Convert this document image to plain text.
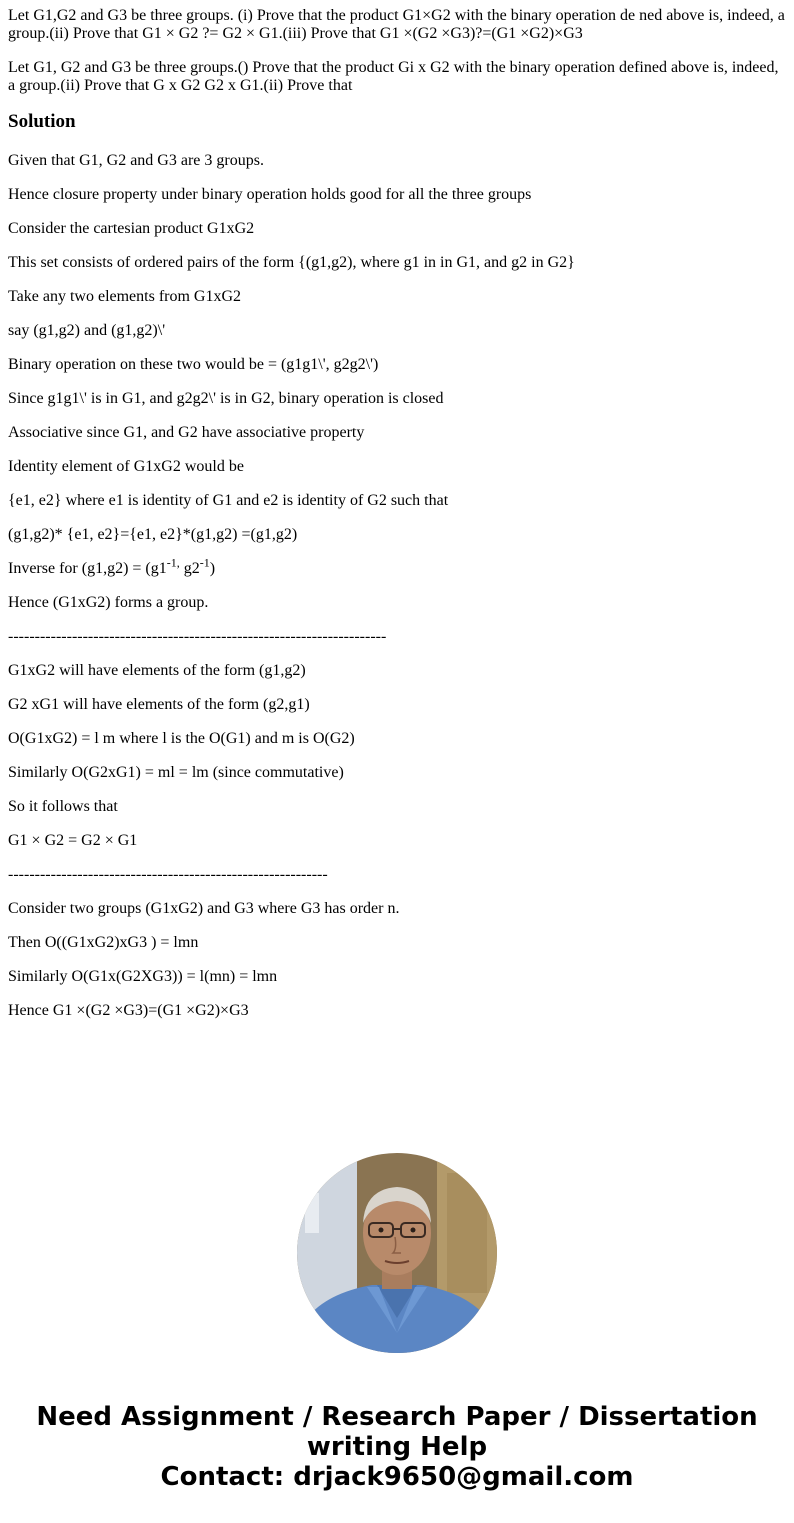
Let G1,G2 and G3 be three groups. (i) Prove that the product G1×G2 with the binary operation de ned above is, indeed, a group.(ii) Prove that G1 × G2 ?= G2 × G1.(iii) Prove that G1 ×(G2 ×G3)?=(G1 ×G2)×G3

Let G1, G2 and G3 be three groups.() Prove that the product Gi x G2 with the binary operation defined above is, indeed, a group.(ii) Prove that G x G2 G2 x G1.(ii) Prove that

Solution

Given that G1, G2 and G3 are 3 groups.

Hence closure property under binary operation holds good for all the three groups

Consider the cartesian product G1xG2

This set consists of ordered pairs of the form {(g1,g2), where g1 in in G1, and g2 in G2}

Take any two elements from G1xG2

say (g1,g2) and (g1,g2)\'

Binary operation on these two would be = (g1g1\', g2g2\')

Since g1g1\' is in G1, and g2g2\' is in G2, binary operation is closed

Associative since G1, and G2 have associative property

Identity element of G1xG2 would be

{e1, e2} where e1 is identity of G1 and e2 is identity of G2 such that

(g1,g2)* {e1, e2}={e1, e2}*(g1,g2) =(g1,g2)

Inverse for $(g1,g2) = (g1^{-1,}$ $g2^{-1}$)

Hence (G1xG2) forms a group.

-----------------------------------------------------------------------

G1xG2 will have elements of the form (g1,g2)

G2 xG1 will have elements of the form (g2,g1)

O(G1xG2) = l m where l is the O(G1) and m is O(G2)

Similarly O(G2xG1) = ml = lm (since commutative)

So it follows that

G1 × G2 = G2 × G1

------------------------------------------------------------

Consider two groups (G1xG2) and G3 where G3 has order n.

Then O((G1xG2)xG3 ) = lmn

Similarly O(G1x(G2XG3)) = l(mn) = lmn

Hence G1 ×(G2 ×G3)=(G1 ×G2)×G3

Need Assignment / Research Paper / Dissertation
writing Help
Contact: drjack9650@gmail.com
